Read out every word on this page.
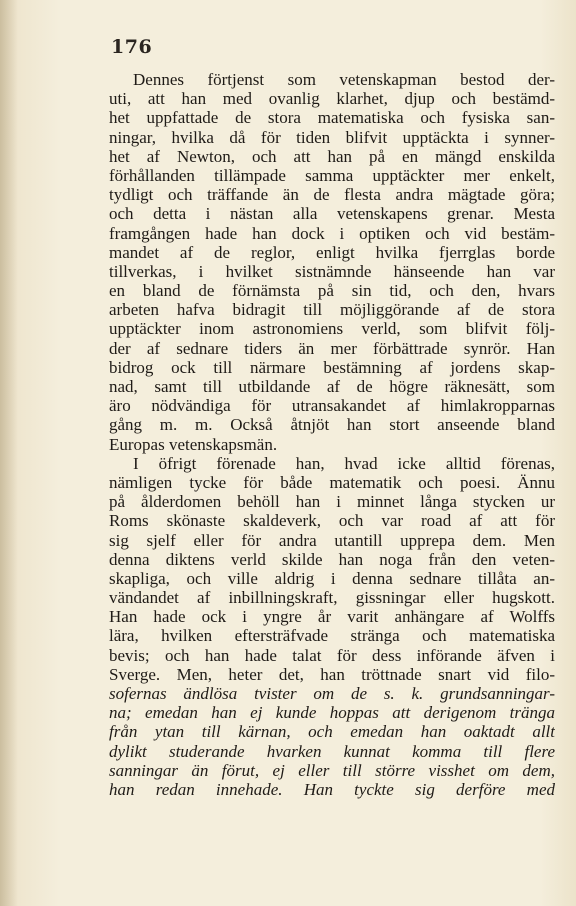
176
Dennes förtjenst som vetenskapman bestod der-
uti, att han med ovanlig klarhet, djup och bestämd-
het uppfattade de stora matematiska och fysiska san-
ningar, hvilka då för tiden blifvit upptäckta i synner-
het af Newton, och att han på en mängd enskilda
förhållanden tillämpade samma upptäckter mer enkelt,
tydligt och träffande än de flesta andra mägtade göra;
och detta i nästan alla vetenskapens grenar. Mesta
framgången hade han dock i optiken och vid bestäm-
mandet af de reglor, enligt hvilka fjerrglas borde
tillverkas, i hvilket sistnämnde hänseende han var
en bland de förnämsta på sin tid, och den, hvars
arbeten hafva bidragit till möjliggörande af de stora
upptäckter inom astronomiens verld, som blifvit följ-
der af sednare tiders än mer förbättrade synrör. Han
bidrog ock till närmare bestämning af jordens skap-
nad, samt till utbildande af de högre räknesätt, som
äro nödvändiga för utransakandet af himlakropparnas
gång m. m. Också åtnjöt han stort anseende bland
Europas vetenskapsmän.
I öfrigt förenade han, hvad icke alltid förenas,
nämligen tycke för både matematik och poesi. Ännu
på ålderdomen behöll han i minnet långa stycken ur
Roms skönaste skaldeverk, och var road af att för
sig sjelf eller för andra utantill upprepa dem. Men
denna diktens verld skilde han noga från den veten-
skapliga, och ville aldrig i denna sednare tillåta an-
vändandet af inbillningskraft, gissningar eller hugskott.
Han hade ock i yngre år varit anhängare af Wolffs
lära, hvilken eftersträfvade stränga och matematiska
bevis; och han hade talat för dess införande äfven i
Sverge. Men, heter det, han tröttnade snart vid filo-
sofernas ändlösa tvister om de s. k. grundsanningar-
na; emedan han ej kunde hoppas att derigenom tränga
från ytan till kärnan, och emedan han oaktadt allt
dylikt studerande hvarken kunnat komma till flere
sanningar än förut, ej eller till större visshet om dem,
han redan innehade. Han tyckte sig derföre med
